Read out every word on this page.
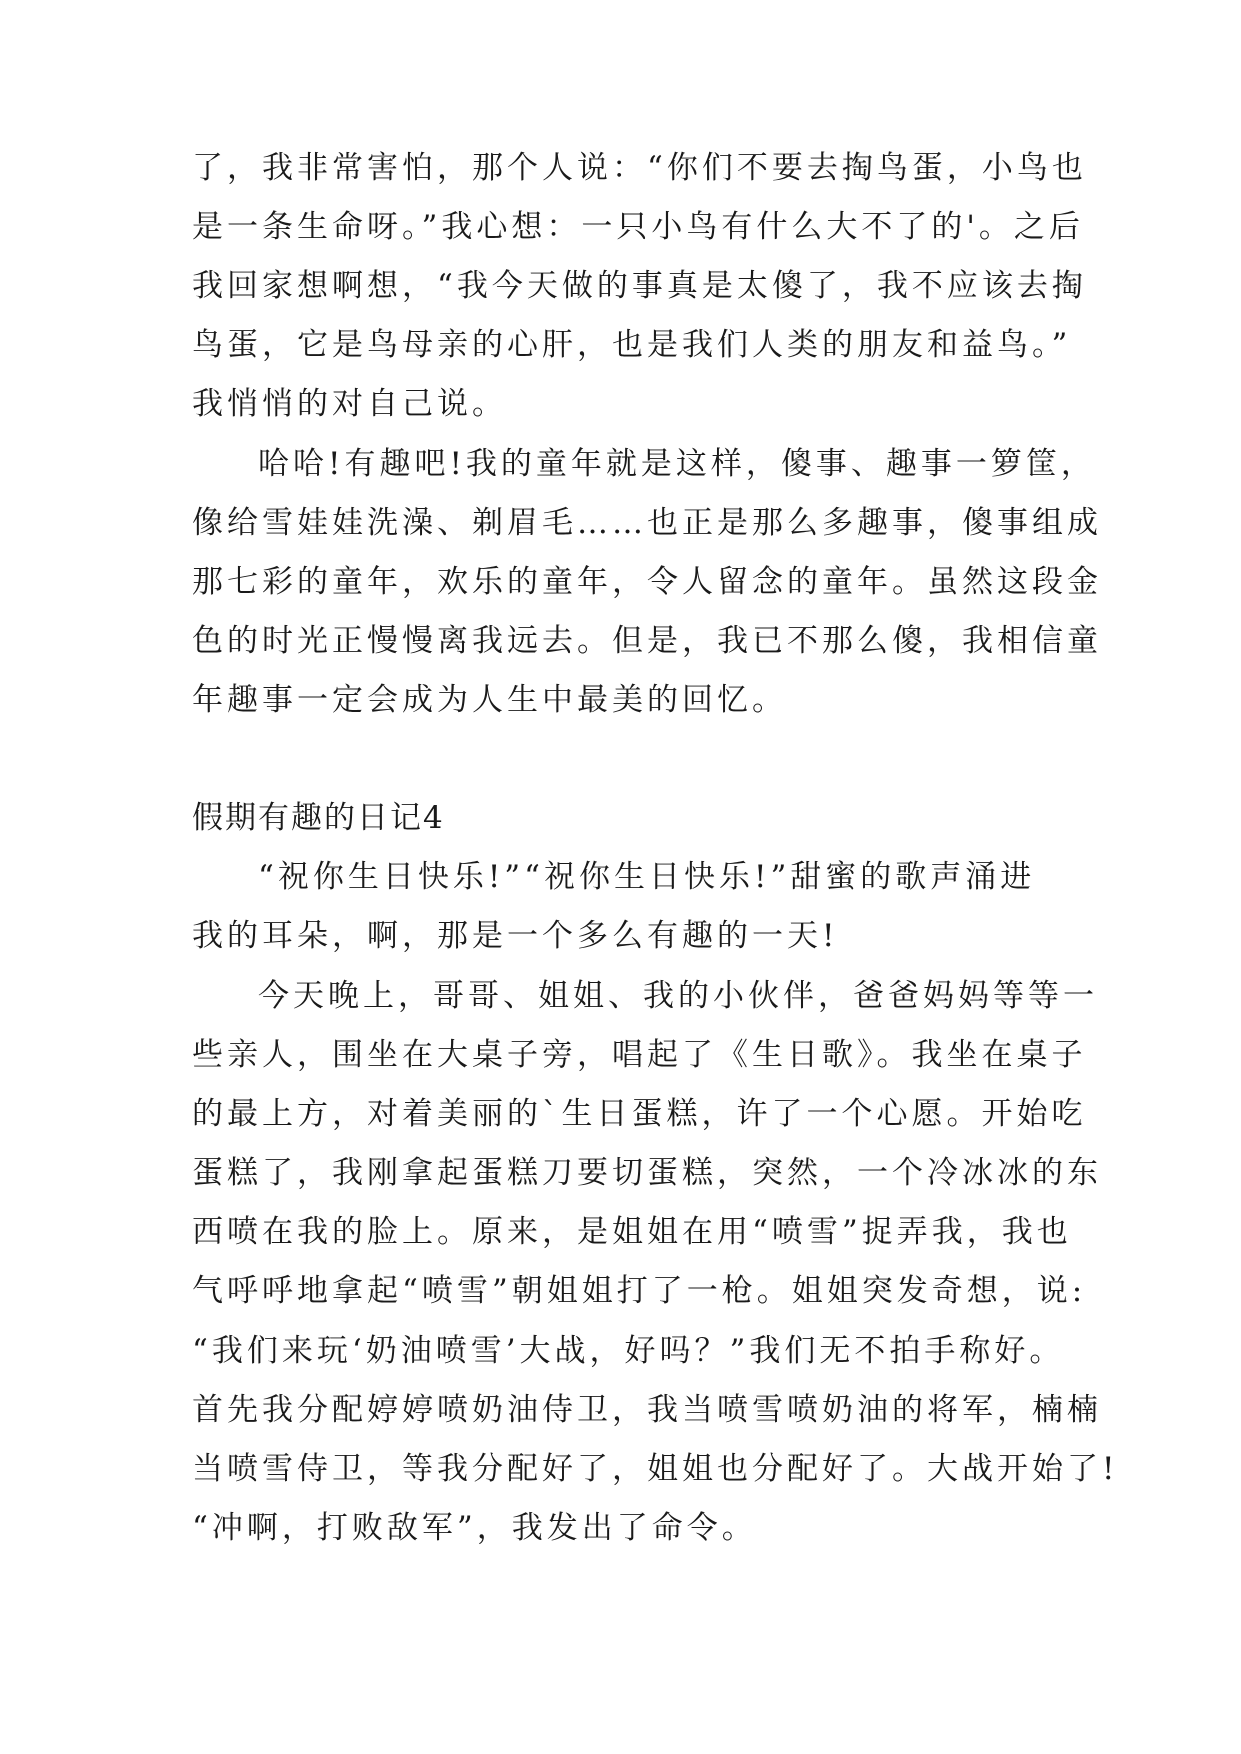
了，我非常害怕，那个人说：“你们不要去掏鸟蛋，小鸟也
是一条生命呀。”我心想：一只小鸟有什么大不了的'。之后
我回家想啊想，“我今天做的事真是太傻了，我不应该去掏
鸟蛋，它是鸟母亲的心肝，也是我们人类的朋友和益鸟。”
我悄悄的对自己说。
哈哈!有趣吧!我的童年就是这样，傻事、趣事一箩筐，
像给雪娃娃洗澡、剃眉毛……也正是那么多趣事，傻事组成
那七彩的童年，欢乐的童年，令人留念的童年。虽然这段金
色的时光正慢慢离我远去。但是，我已不那么傻，我相信童
年趣事一定会成为人生中最美的回忆。
假期有趣的日记4
“祝你生日快乐!”“祝你生日快乐!”甜蜜的歌声涌进
我的耳朵，啊，那是一个多么有趣的一天!
今天晚上，哥哥、姐姐、我的小伙伴，爸爸妈妈等等一
些亲人，围坐在大桌子旁，唱起了《生日歌》。我坐在桌子
的最上方，对着美丽的`生日蛋糕，许了一个心愿。开始吃
蛋糕了，我刚拿起蛋糕刀要切蛋糕，突然，一个冷冰冰的东
西喷在我的脸上。原来，是姐姐在用“喷雪”捉弄我，我也
气呼呼地拿起“喷雪”朝姐姐打了一枪。姐姐突发奇想，说:
“我们来玩‘奶油喷雪’大战，好吗？”我们无不拍手称好。
首先我分配婷婷喷奶油侍卫，我当喷雪喷奶油的将军，楠楠
当喷雪侍卫，等我分配好了，姐姐也分配好了。大战开始了!
“冲啊，打败敌军”，我发出了命令。
